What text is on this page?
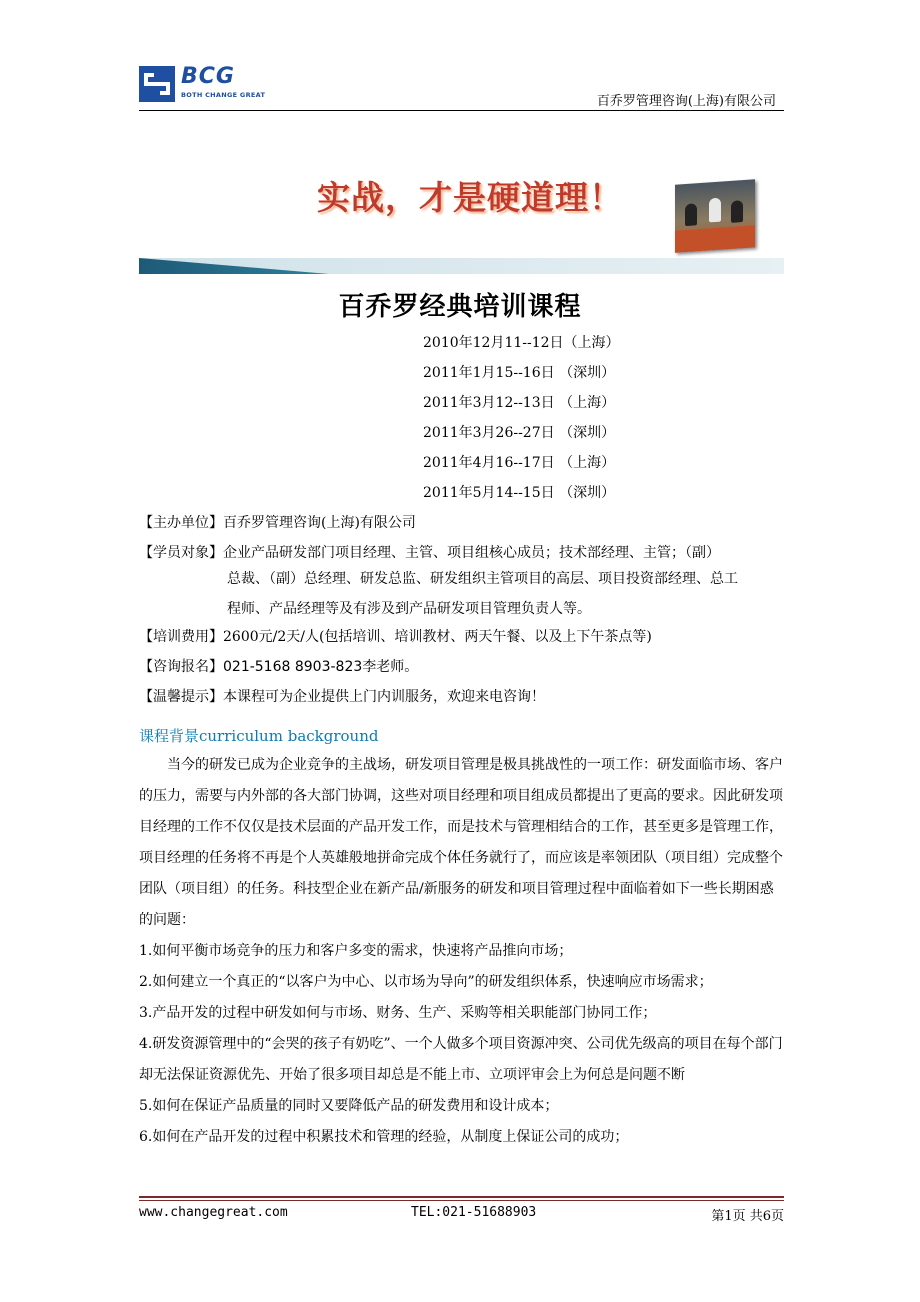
BCG
BOTH CHANGE GREAT	百乔罗管理咨询(上海)有限公司
实战，才是硬道理！
百乔罗经典培训课程
2010年12月11--12日（上海）
2011年1月15--16日 （深圳）
2011年3月12--13日 （上海）
2011年3月26--27日 （深圳）
2011年4月16--17日 （上海）
2011年5月14--15日 （深圳）
【主办单位】百乔罗管理咨询(上海)有限公司
【学员对象】企业产品研发部门项目经理、主管、项目组核心成员；技术部经理、主管；（副）
总裁、（副）总经理、研发总监、研发组织主管项目的高层、项目投资部经理、总工
程师、产品经理等及有涉及到产品研发项目管理负责人等。
【培训费用】2600元/2天/人(包括培训、培训教材、两天午餐、以及上下午茶点等)
【咨询报名】021-5168 8903-823李老师。
【温馨提示】本课程可为企业提供上门内训服务，欢迎来电咨询！
课程背景curriculum background

当今的研发已成为企业竞争的主战场，研发项目管理是极具挑战性的一项工作：研发面临市场、客户的压力，需要与内外部的各大部门协调，这些对项目经理和项目组成员都提出了更高的要求。因此研发项目经理的工作不仅仅是技术层面的产品开发工作，而是技术与管理相结合的工作，甚至更多是管理工作，项目经理的任务将不再是个人英雄般地拼命完成个体任务就行了，而应该是率领团队（项目组）完成整个团队（项目组）的任务。科技型企业在新产品/新服务的研发和项目管理过程中面临着如下一些长期困惑的问题：

1.如何平衡市场竞争的压力和客户多变的需求，快速将产品推向市场；

2.如何建立一个真正的“以客户为中心、以市场为导向”的研发组织体系，快速响应市场需求；

3.产品开发的过程中研发如何与市场、财务、生产、采购等相关职能部门协同工作；

4.研发资源管理中的“会哭的孩子有奶吃”、一个人做多个项目资源冲突、公司优先级高的项目在每个部门却无法保证资源优先、开始了很多项目却总是不能上市、立项评审会上为何总是问题不断

5.如何在保证产品质量的同时又要降低产品的研发费用和设计成本；

6.如何在产品开发的过程中积累技术和管理的经验，从制度上保证公司的成功；

www.changegreat.com	TEL:021-51688903	第1页 共6页
